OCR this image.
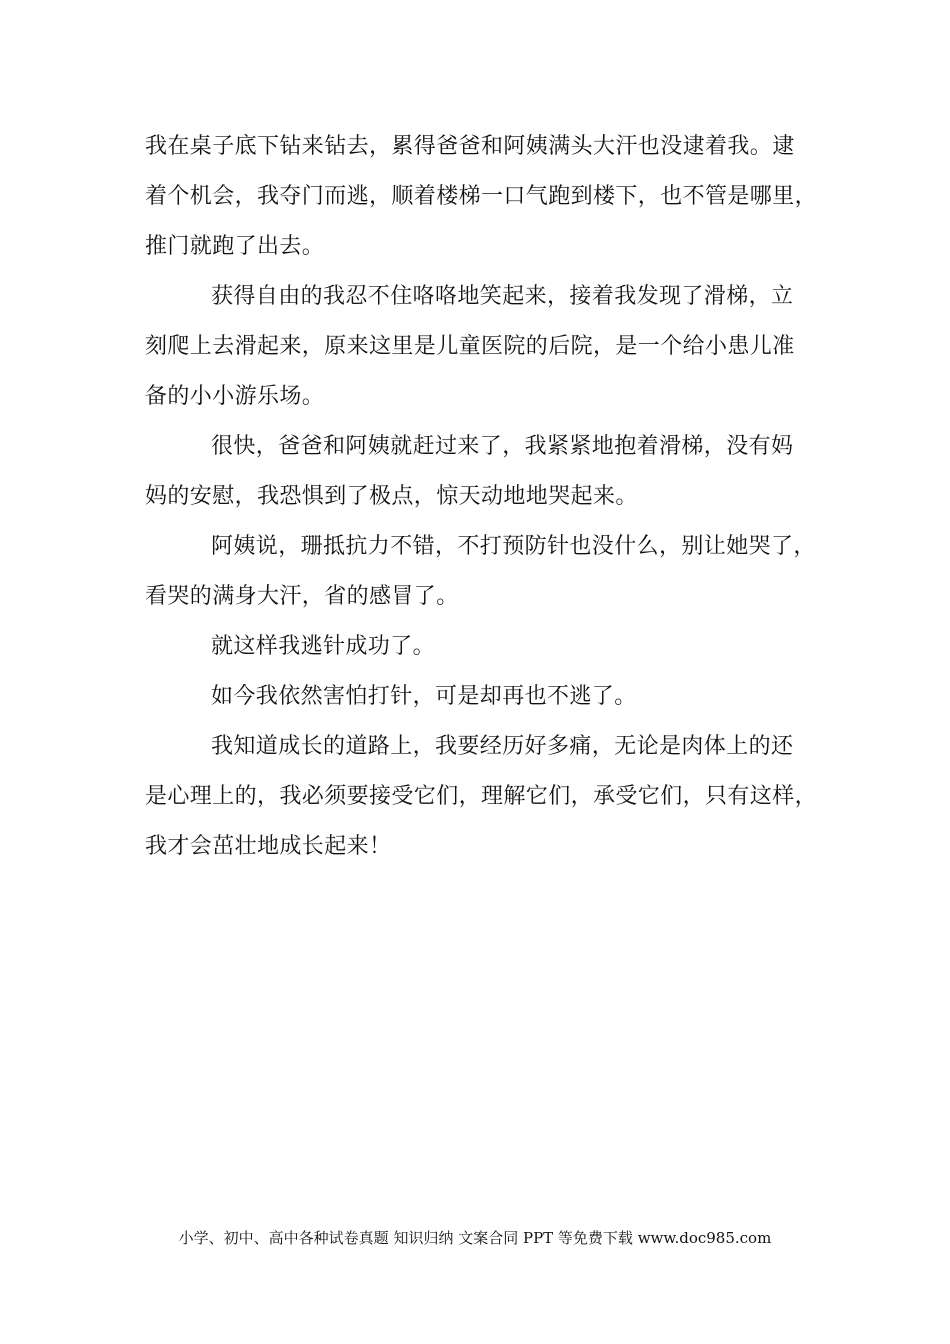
我在桌子底下钻来钻去，累得爸爸和阿姨满头大汗也没逮着我。逮
着个机会，我夺门而逃，顺着楼梯一口气跑到楼下，也不管是哪里，
推门就跑了出去。

获得自由的我忍不住咯咯地笑起来，接着我发现了滑梯，立
刻爬上去滑起来，原来这里是儿童医院的后院，是一个给小患儿准
备的小小游乐场。

很快，爸爸和阿姨就赶过来了，我紧紧地抱着滑梯，没有妈
妈的安慰，我恐惧到了极点，惊天动地地哭起来。

阿姨说，珊抵抗力不错，不打预防针也没什么，别让她哭了，
看哭的满身大汗，省的感冒了。

就这样我逃针成功了。

如今我依然害怕打针，可是却再也不逃了。

我知道成长的道路上，我要经历好多痛，无论是肉体上的还
是心理上的，我必须要接受它们，理解它们，承受它们，只有这样，
我才会茁壮地成长起来！

小学、初中、高中各种试卷真题 知识归纳 文案合同 PPT 等免费下载 www.doc985.com
